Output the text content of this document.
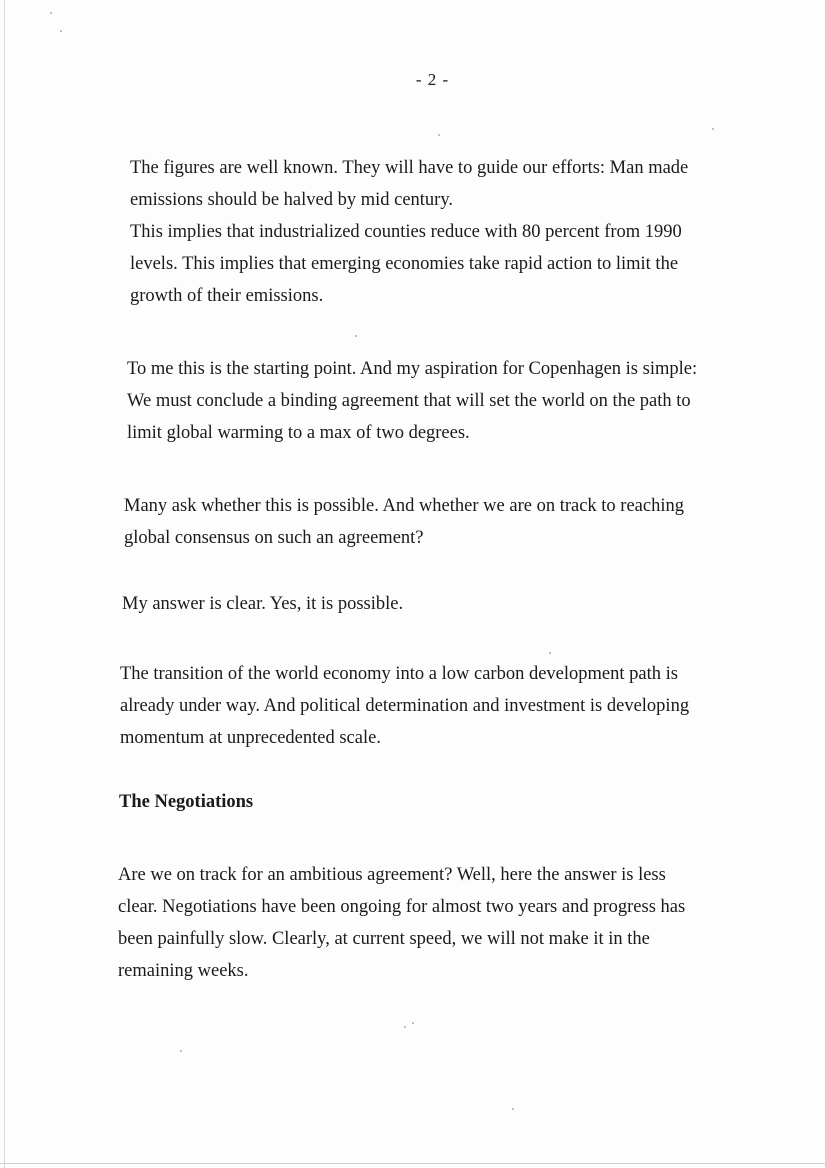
- 2 -
The figures are well known. They will have to guide our efforts: Man made
emissions should be halved by mid century.
This implies that industrialized counties reduce with 80 percent from 1990
levels. This implies that emerging economies take rapid action to limit the
growth of their emissions.
To me this is the starting point. And my aspiration for Copenhagen is simple:
We must conclude a binding agreement that will set the world on the path to
limit global warming to a max of two degrees.
Many ask whether this is possible. And whether we are on track to reaching
global consensus on such an agreement?
My answer is clear. Yes, it is possible.
The transition of the world economy into a low carbon development path is
already under way. And political determination and investment is developing
momentum at unprecedented scale.
The Negotiations
Are we on track for an ambitious agreement? Well, here the answer is less
clear. Negotiations have been ongoing for almost two years and progress has
been painfully slow. Clearly, at current speed, we will not make it in the
remaining weeks.
